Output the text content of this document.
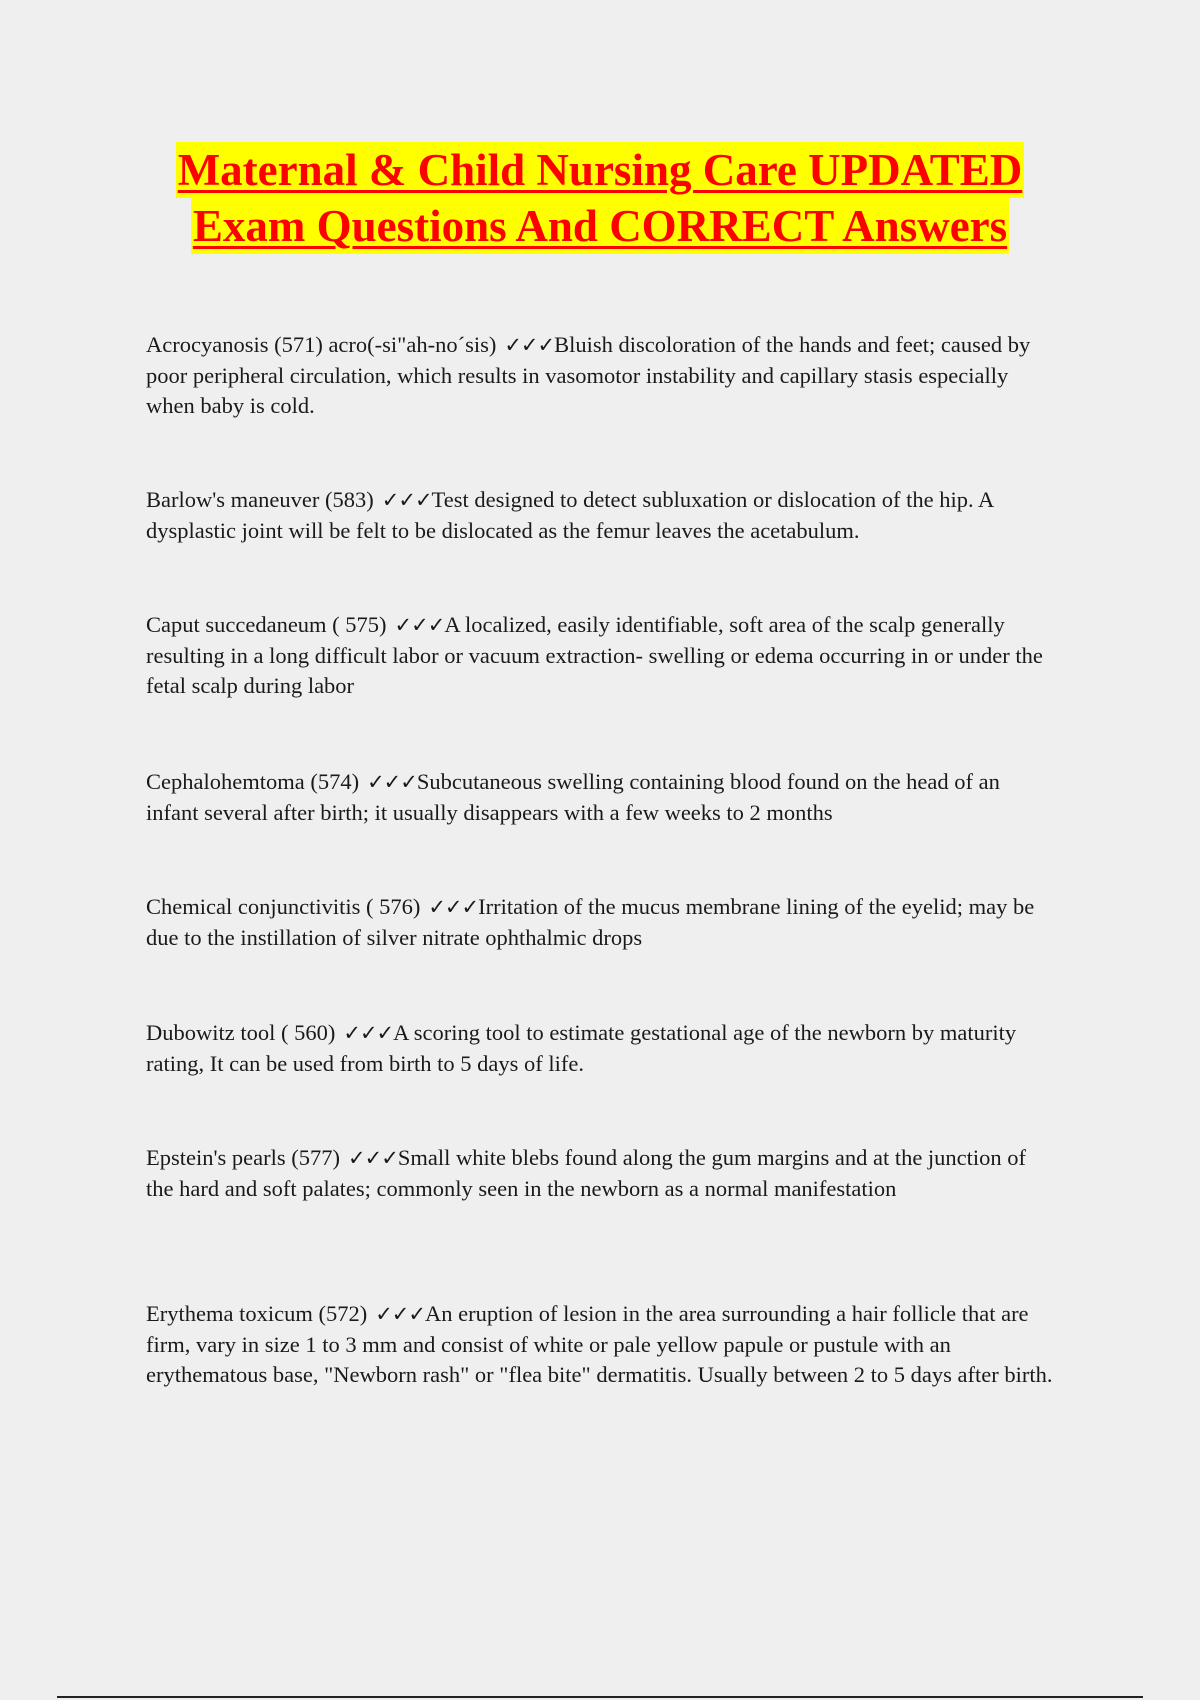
Maternal & Child Nursing Care UPDATED
Exam Questions And CORRECT Answers

Acrocyanosis (571) acro(-si"ah-no´sis) ✓✓✓Bluish discoloration of the hands and feet; caused by poor peripheral circulation, which results in vasomotor instability and capillary stasis especially when baby is cold.

Barlow's maneuver (583) ✓✓✓Test designed to detect subluxation or dislocation of the hip. A dysplastic joint will be felt to be dislocated as the femur leaves the acetabulum.

Caput succedaneum ( 575) ✓✓✓A localized, easily identifiable, soft area of the scalp generally resulting in a long difficult labor or vacuum extraction- swelling or edema occurring in or under the fetal scalp during labor

Cephalohemtoma (574) ✓✓✓Subcutaneous swelling containing blood found on the head of an infant several after birth; it usually disappears with a few weeks to 2 months

Chemical conjunctivitis ( 576) ✓✓✓Irritation of the mucus membrane lining of the eyelid; may be due to the instillation of silver nitrate ophthalmic drops

Dubowitz tool ( 560) ✓✓✓A scoring tool to estimate gestational age of the newborn by maturity rating, It can be used from birth to 5 days of life.

Epstein's pearls (577) ✓✓✓Small white blebs found along the gum margins and at the junction of the hard and soft palates; commonly seen in the newborn as a normal manifestation

Erythema toxicum (572) ✓✓✓An eruption of lesion in the area surrounding a hair follicle that are firm, vary in size 1 to 3 mm and consist of white or pale yellow papule or pustule with an erythematous base, "Newborn rash" or "flea bite" dermatitis. Usually between 2 to 5 days after birth.
